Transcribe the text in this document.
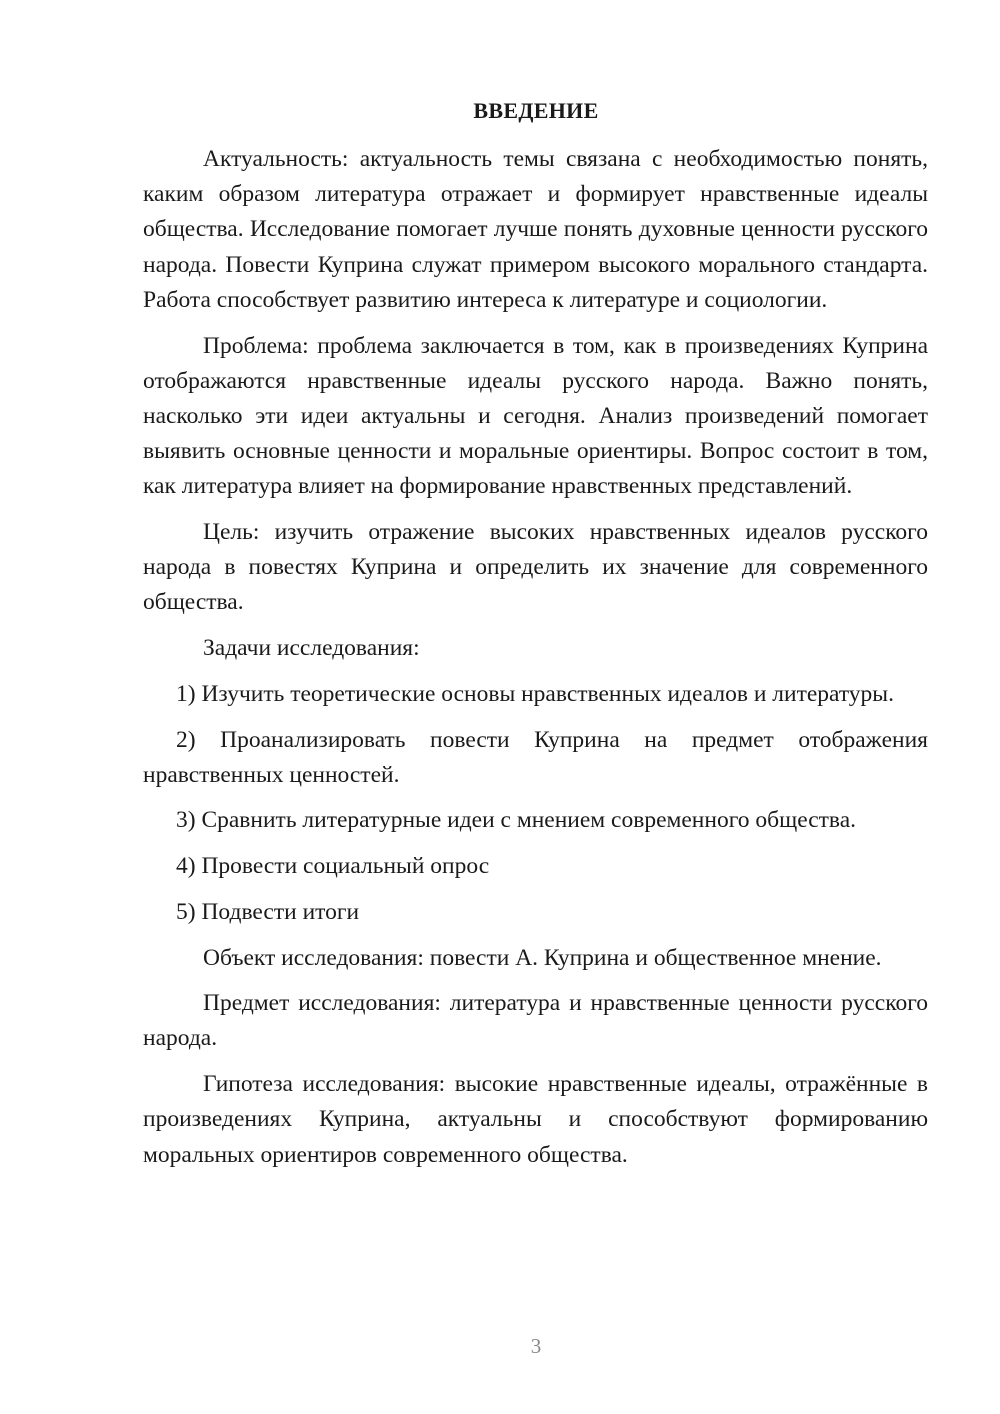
ВВЕДЕНИЕ

Актуальность: актуальность темы связана с необходимостью понять, каким образом литература отражает и формирует нравственные идеалы общества. Исследование помогает лучше понять духовные ценности русского народа. Повести Куприна служат примером высокого морального стандарта. Работа способствует развитию интереса к литературе и социологии.

Проблема: проблема заключается в том, как в произведениях Куприна отображаются нравственные идеалы русского народа. Важно понять, насколько эти идеи актуальны и сегодня. Анализ произведений помогает выявить основные ценности и моральные ориентиры. Вопрос состоит в том, как литература влияет на формирование нравственных представлений.

Цель: изучить отражение высоких нравственных идеалов русского народа в повестях Куприна и определить их значение для современного общества.

Задачи исследования:

1) Изучить теоретические основы нравственных идеалов и литературы.

2) Проанализировать повести Куприна на предмет отображения нравственных ценностей.

3) Сравнить литературные идеи с мнением современного общества.

4) Провести социальный опрос

5) Подвести итоги

Объект исследования: повести А. Куприна и общественное мнение.

Предмет исследования: литература и нравственные ценности русского народа.

Гипотеза исследования: высокие нравственные идеалы, отражённые в произведениях Куприна, актуальны и способствуют формированию моральных ориентиров современного общества.

3
